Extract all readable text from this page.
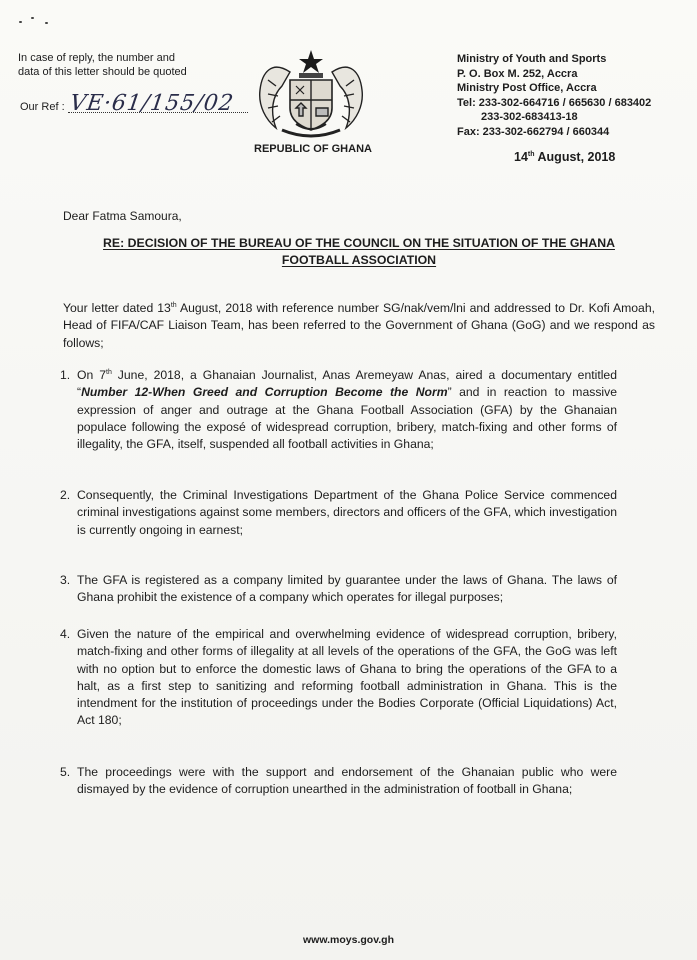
In case of reply, the number and
data of this letter should be quoted
Our Ref : VE·61/155/02
REPUBLIC OF GHANA
Ministry of Youth and Sports
P. O. Box M. 252, Accra
Ministry Post Office, Accra
Tel: 233-302-664716 / 665630 / 683402
233-302-683413-18
Fax: 233-302-662794 / 660344
14th August, 2018
Dear Fatma Samoura,
RE: DECISION OF THE BUREAU OF THE COUNCIL ON THE SITUATION OF THE GHANA
FOOTBALL ASSOCIATION
Your letter dated 13th August, 2018 with reference number SG/nak/vem/lni and addressed to Dr. Kofi Amoah, Head of FIFA/CAF Liaison Team, has been referred to the Government of Ghana (GoG) and we respond as follows;
1. On 7th June, 2018, a Ghanaian Journalist, Anas Aremeyaw Anas, aired a documentary entitled “Number 12-When Greed and Corruption Become the Norm” and in reaction to massive expression of anger and outrage at the Ghana Football Association (GFA) by the Ghanaian populace following the exposé of widespread corruption, bribery, match-fixing and other forms of illegality, the GFA, itself, suspended all football activities in Ghana;
2. Consequently, the Criminal Investigations Department of the Ghana Police Service commenced criminal investigations against some members, directors and officers of the GFA, which investigation is currently ongoing in earnest;
3. The GFA is registered as a company limited by guarantee under the laws of Ghana. The laws of Ghana prohibit the existence of a company which operates for illegal purposes;
4. Given the nature of the empirical and overwhelming evidence of widespread corruption, bribery, match-fixing and other forms of illegality at all levels of the operations of the GFA, the GoG was left with no option but to enforce the domestic laws of Ghana to bring the operations of the GFA to a halt, as a first step to sanitizing and reforming football administration in Ghana. This is the intendment for the institution of proceedings under the Bodies Corporate (Official Liquidations) Act, Act 180;
5. The proceedings were with the support and endorsement of the Ghanaian public who were dismayed by the evidence of corruption unearthed in the administration of football in Ghana;
www.moys.gov.gh
